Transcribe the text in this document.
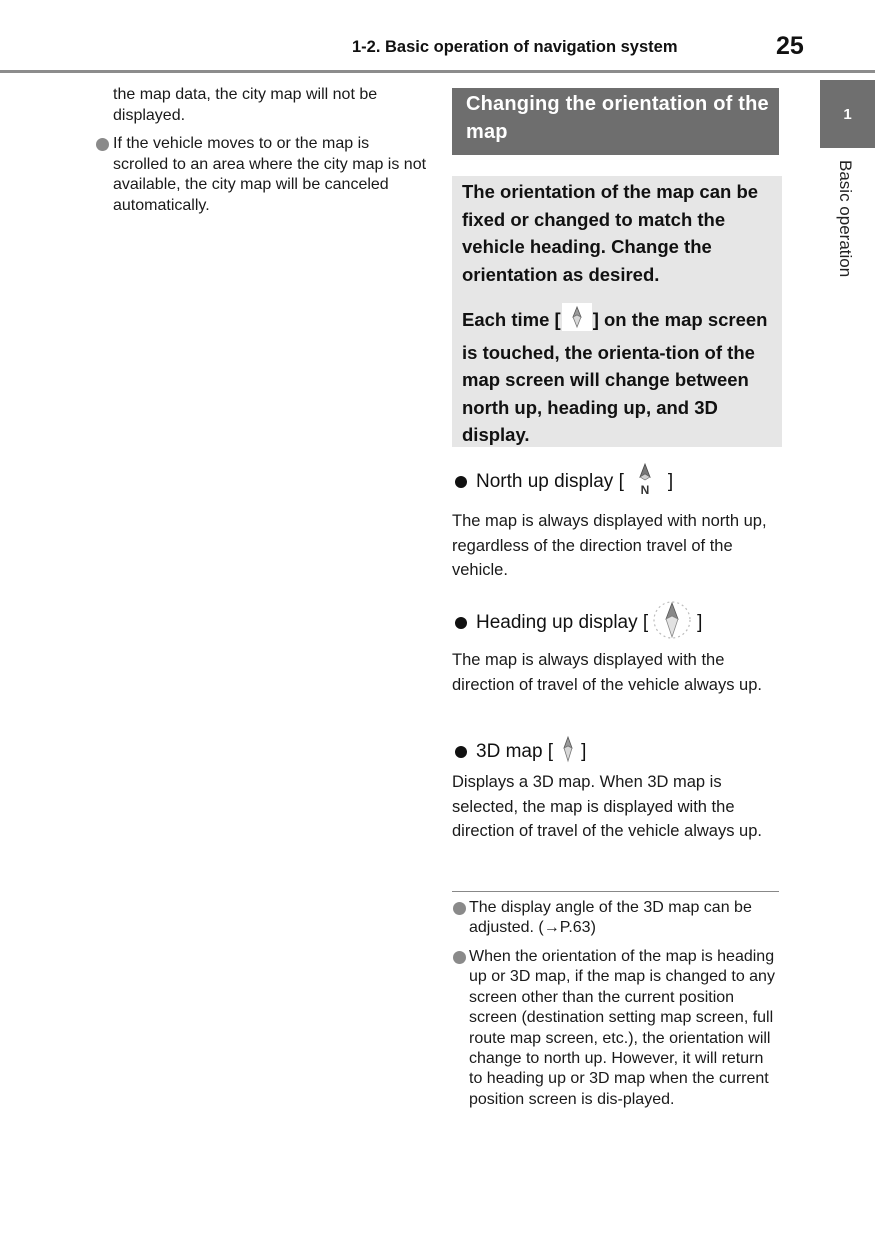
1-2. Basic operation of navigation system	25
1
Basic operation
the map data, the city map will not be displayed.
If the vehicle moves to or the map is scrolled to an area where the city map is not available, the city map will be canceled automatically.
Changing the orientation of the map

The orientation of the map can be fixed or changed to match the vehicle heading. Change the orientation as desired.

Each time [ ] on the map screen is touched, the orienta-tion of the map screen will change between north up, heading up, and 3D display.

North up display [ N ]
The map is always displayed with north up, regardless of the direction travel of the vehicle.
Heading up display [	]
The map is always displayed with the direction of travel of the vehicle always up.
3D map [ ]
Displays a 3D map. When 3D map is selected, the map is displayed with the direction of travel of the vehicle always up.
The display angle of the 3D map can be adjusted. (→P.63)
When the orientation of the map is heading up or 3D map, if the map is changed to any screen other than the current position screen (destination setting map screen, full route map screen, etc.), the orientation will change to north up. However, it will return to heading up or 3D map when the current position screen is dis-played.
